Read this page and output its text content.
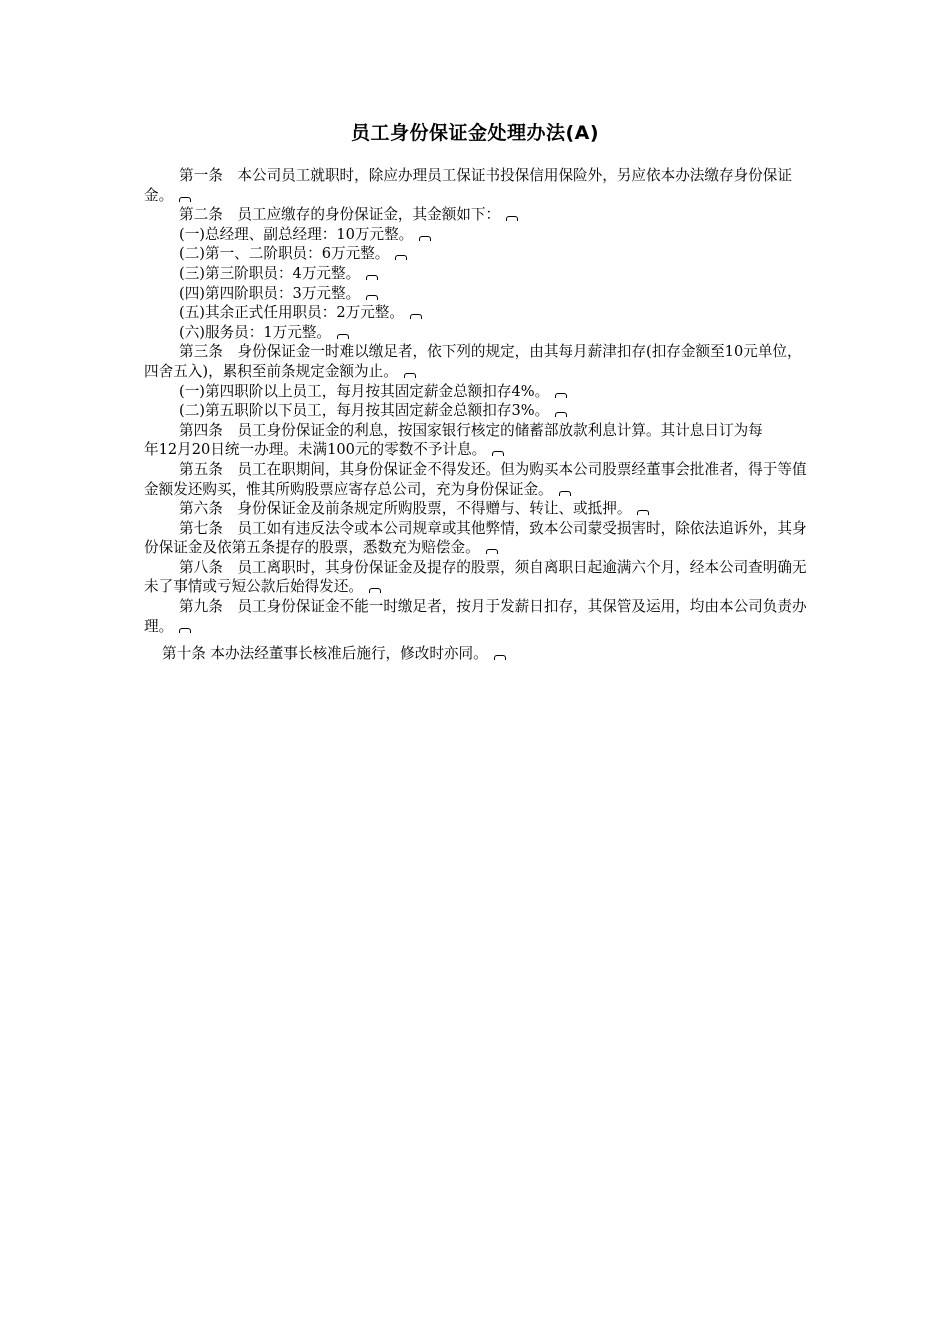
员工身份保证金处理办法(A)

第一条　本公司员工就职时，除应办理员工保证书投保信用保险外，另应依本办法缴存身份保证金。

第二条　员工应缴存的身份保证金，其金额如下：

(一)总经理、副总经理：10万元整。

(二)第一、二阶职员：6万元整。

(三)第三阶职员：4万元整。

(四)第四阶职员：3万元整。

(五)其余正式任用职员：2万元整。

(六)服务员：1万元整。

第三条　身份保证金一时难以缴足者，依下列的规定，由其每月薪津扣存(扣存金额至10元单位，四舍五入)，累积至前条规定金额为止。

(一)第四职阶以上员工，每月按其固定薪金总额扣存4%。

(二)第五职阶以下员工，每月按其固定薪金总额扣存3%。

第四条　员工身份保证金的利息，按国家银行核定的储蓄部放款利息计算。其计息日订为每

年12月20日统一办理。未满100元的零数不予计息。

第五条　员工在职期间，其身份保证金不得发还。但为购买本公司股票经董事会批准者，得于等值金额发还购买，惟其所购股票应寄存总公司，充为身份保证金。

第六条　身份保证金及前条规定所购股票，不得赠与、转让、或抵押。

第七条　员工如有违反法令或本公司规章或其他弊情，致本公司蒙受损害时，除依法追诉外，其身份保证金及依第五条提存的股票，悉数充为赔偿金。

第八条　员工离职时，其身份保证金及提存的股票，须自离职日起逾满六个月，经本公司查明确无未了事情或亏短公款后始得发还。

第九条　员工身份保证金不能一时缴足者，按月于发薪日扣存，其保管及运用，均由本公司负责办理。

第十条 本办法经董事长核准后施行，修改时亦同。
